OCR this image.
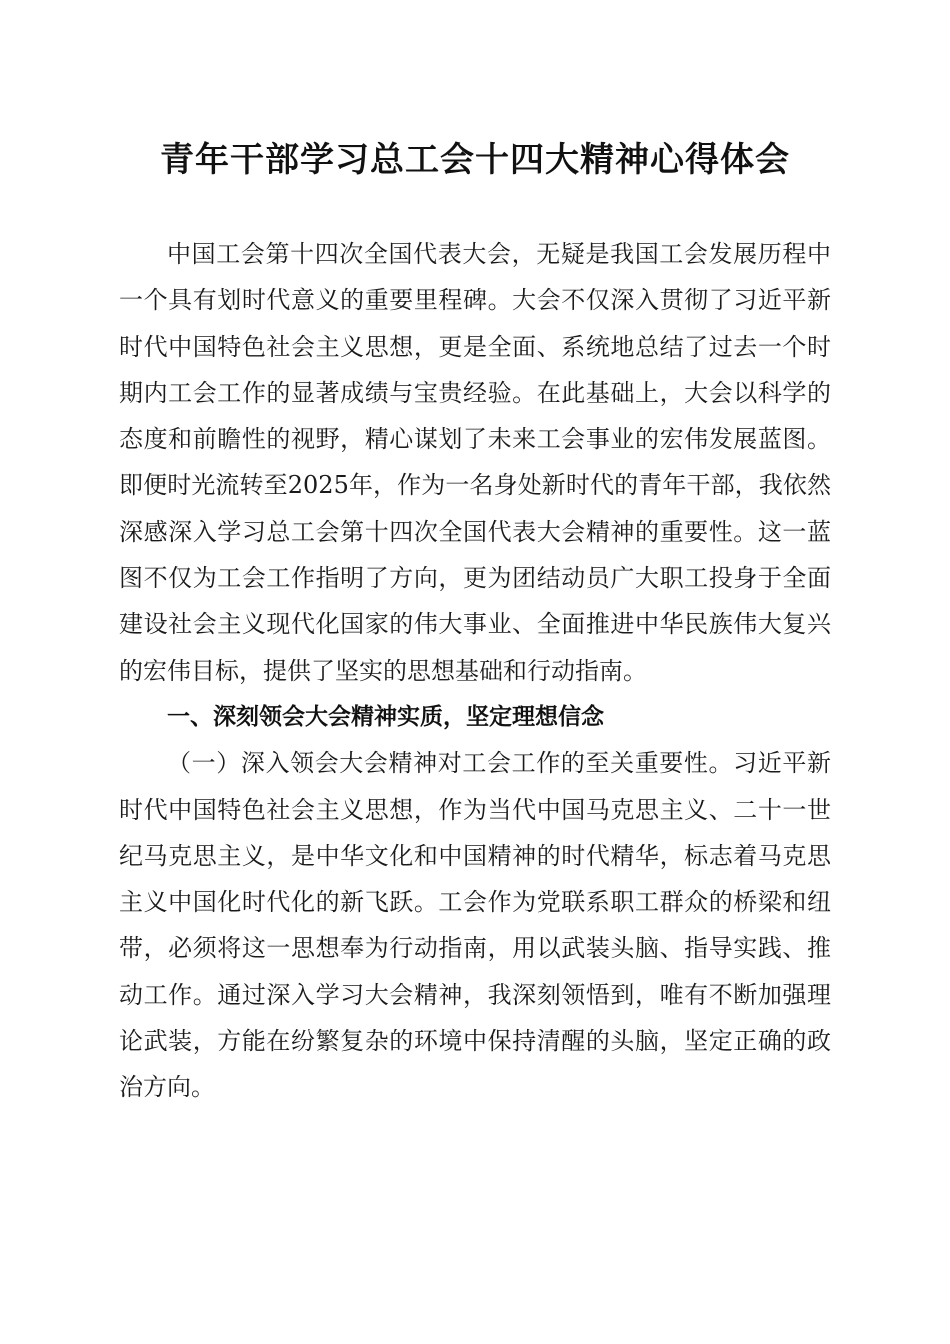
青年干部学习总工会十四大精神心得体会

中国工会第十四次全国代表大会，无疑是我国工会发展历程中一个具有划时代意义的重要里程碑。大会不仅深入贯彻了习近平新时代中国特色社会主义思想，更是全面、系统地总结了过去一个时期内工会工作的显著成绩与宝贵经验。在此基础上，大会以科学的态度和前瞻性的视野，精心谋划了未来工会事业的宏伟发展蓝图。即便时光流转至2025年，作为一名身处新时代的青年干部，我依然深感深入学习总工会第十四次全国代表大会精神的重要性。这一蓝图不仅为工会工作指明了方向，更为团结动员广大职工投身于全面建设社会主义现代化国家的伟大事业、全面推进中华民族伟大复兴的宏伟目标，提供了坚实的思想基础和行动指南。

一、深刻领会大会精神实质，坚定理想信念

（一）深入领会大会精神对工会工作的至关重要性。习近平新时代中国特色社会主义思想，作为当代中国马克思主义、二十一世纪马克思主义，是中华文化和中国精神的时代精华，标志着马克思主义中国化时代化的新飞跃。工会作为党联系职工群众的桥梁和纽带，必须将这一思想奉为行动指南，用以武装头脑、指导实践、推动工作。通过深入学习大会精神，我深刻领悟到，唯有不断加强理论武装，方能在纷繁复杂的环境中保持清醒的头脑，坚定正确的政治方向。
